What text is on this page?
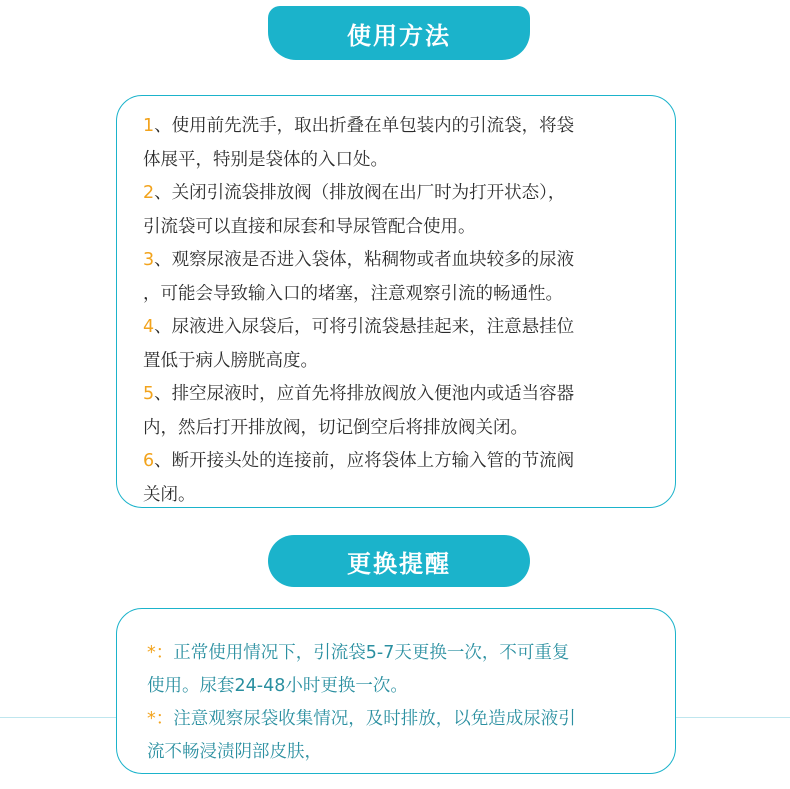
使用方法
1、使用前先洗手，取出折叠在单包装内的引流袋，将袋
体展平，特别是袋体的入口处。
2、关闭引流袋排放阀（排放阀在出厂时为打开状态），
引流袋可以直接和尿套和导尿管配合使用。
3、观察尿液是否进入袋体，粘稠物或者血块较多的尿液
，可能会导致输入口的堵塞，注意观察引流的畅通性。
4、尿液进入尿袋后，可将引流袋悬挂起来，注意悬挂位
置低于病人膀胱高度。
5、排空尿液时，应首先将排放阀放入便池内或适当容器
内，然后打开排放阀，切记倒空后将排放阀关闭。
6、断开接头处的连接前，应将袋体上方输入管的节流阀
关闭。
更换提醒
*：正常使用情况下，引流袋5-7天更换一次，不可重复
使用。尿套24-48小时更换一次。
*：注意观察尿袋收集情况，及时排放，以免造成尿液引
流不畅浸渍阴部皮肤，
